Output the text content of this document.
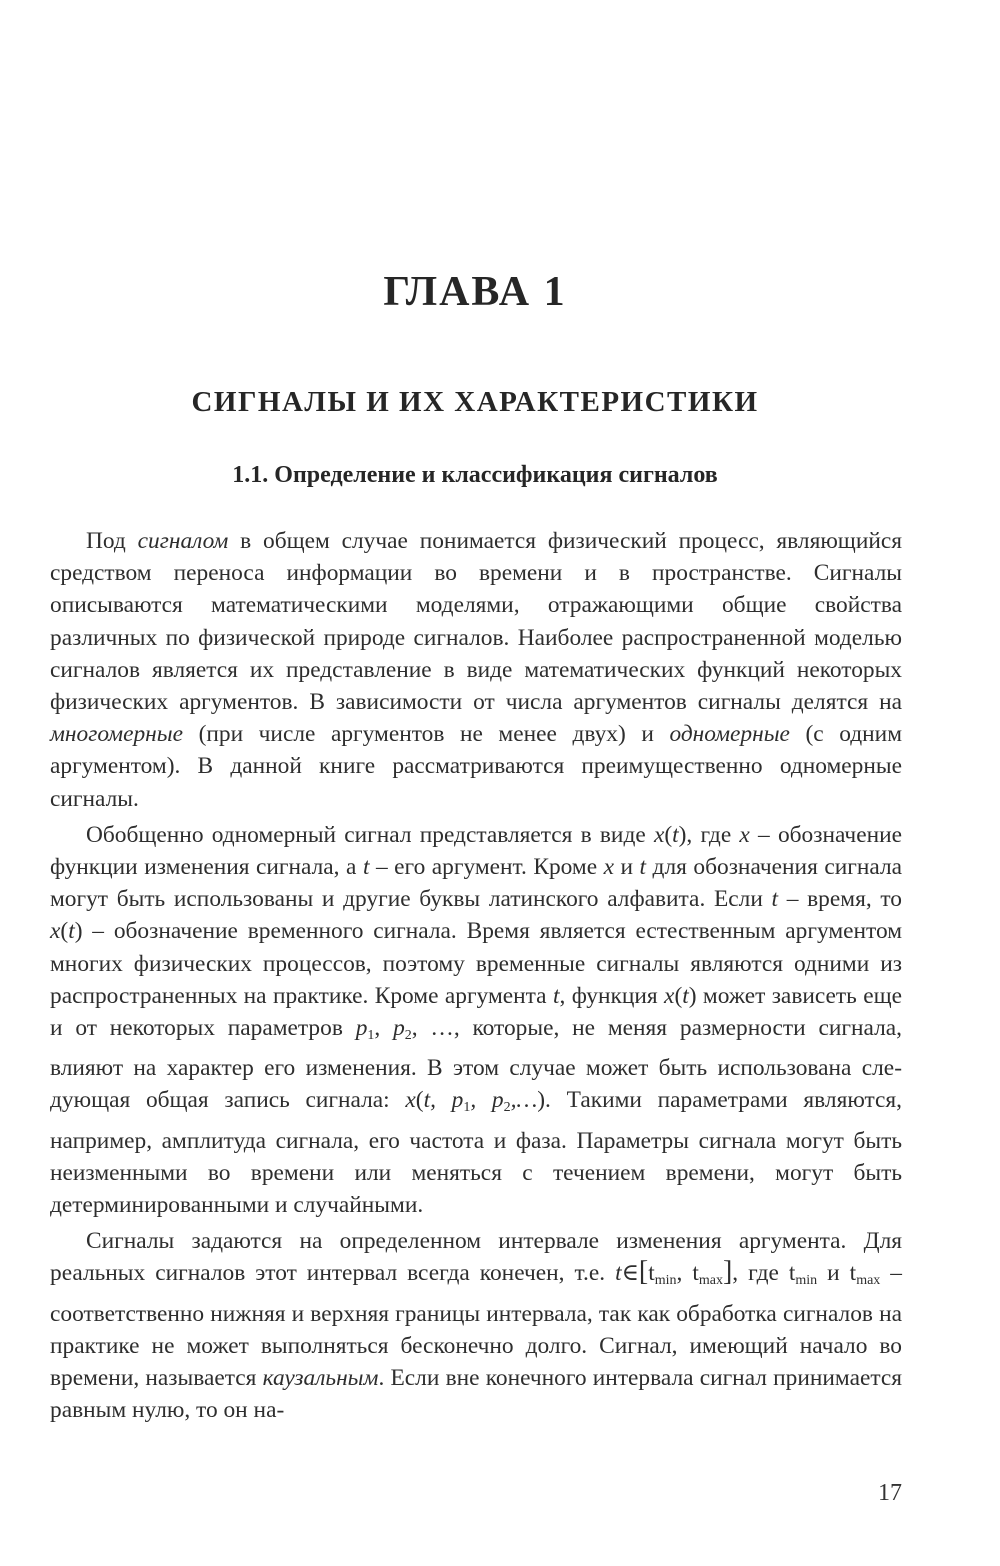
ГЛАВА 1
СИГНАЛЫ И ИХ ХАРАКТЕРИСТИКИ
1.1. Определение и классификация сигналов

Под сигналом в общем случае понимается физический процесс, являющийся средством переноса информации во времени и в пространстве. Сигналы описываются математическими моделями, отражающими общие свойства различных по физической природе сигналов. Наиболее распространенной моделью сигналов является их представление в виде математических функций некоторых физических аргументов. В зависимости от числа аргументов сигналы делятся на многомерные (при числе аргументов не менее двух) и одномерные (с одним аргументом). В данной книге рассматриваются преимущественно одномерные сигналы.

Обобщенно одномерный сигнал представляется в виде x(t), где x – обозначение функции изменения сигнала, а t – его аргумент. Кроме x и t для обозначения сигнала могут быть использованы и другие буквы латинского алфавита. Если t – время, то x(t) – обозначение временного сигнала. Время является естественным аргументом многих физических процессов, поэтому временные сигналы являются одними из распространенных на практике. Кроме аргумента t, функция x(t) может зависеть еще и от некоторых параметров $p_1$, $p_2$, …, которые, не меняя размерности сигнала, влияют на характер его изменения. В этом случае может быть использована следующая общая запись сигнала: x(t, $p_1$, $p_2,\dots$). Такими параметрами являются, например, амплитуда сигнала, его частота и фаза. Параметры сигнала могут быть неизменными во времени или меняться с течением времени, могут быть детерминированными и случайными.

Сигналы задаются на определенном интервале изменения аргумента. Для реальных сигналов этот интервал всегда конечен, т.е. $t\in[t_{min}$, $t_{max}$], где $t_{min}$ и $t_{max}$ – соответственно нижняя и верхняя границы интервала, так как обработка сигналов на практике не может выполняться бесконечно долго. Сигнал, имеющий начало во времени, называется каузальным. Если вне конечного интервала сигнал принимается равным нулю, то он на-

17
